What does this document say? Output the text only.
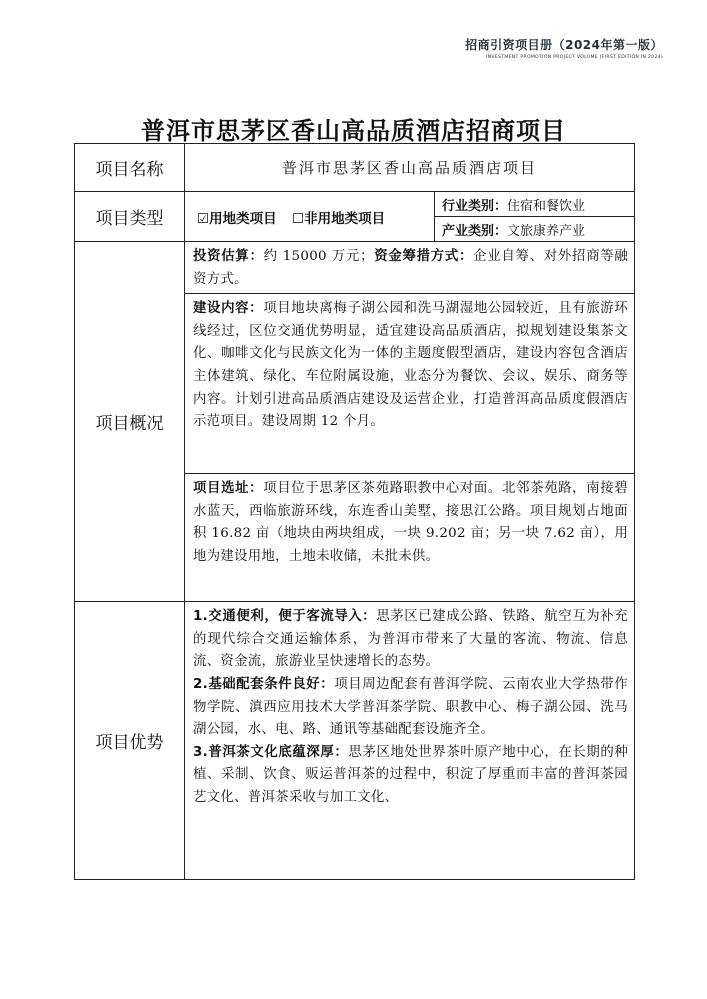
招商引资项目册（2024年第一版）
INVESTMENT PROMOTION PROJECT VOLUME (FIRST EDITION IN 2024)
普洱市思茅区香山高品质酒店招商项目
项目名称	普洱市思茅区香山高品质酒店项目	
项目类型	☑用地类项目 ☐非用地类项目	行业类别：住宿和餐饮业
		产业类别：文旅康养产业
项目概况	投资估算：约 15000 万元；资金筹措方式：企业自筹、对外招商等融资方式。	

	建设内容：项目地块离梅子湖公园和洗马湖湿地公园较近，且有旅游环线经过，区位交通优势明显，适宜建设高品质酒店，拟规划建设集茶文化、咖啡文化与民族文化为一体的主题度假型酒店，建设内容包含酒店主体建筑、绿化、车位附属设施，业态分为餐饮、会议、娱乐、商务等内容。计划引进高品质酒店建设及运营企业，打造普洱高品质度假酒店示范项目。建设周期 12 个月。	

	项目选址：项目位于思茅区茶苑路职教中心对面。北邻茶苑路，南接碧水蓝天，西临旅游环线，东连香山美墅，接思江公路。项目规划占地面积 16.82 亩（地块由两块组成，一块 9.202 亩；另一块 7.62 亩），用地为建设用地，土地未收储，未批未供。	

项目优势	1.交通便利，便于客流导入：思茅区已建成公路、铁路、航空互为补充的现代综合交通运输体系，为普洱市带来了大量的客流、物流、信息流、资金流，旅游业呈快速增长的态势。

2.基础配套条件良好：项目周边配套有普洱学院、云南农业大学热带作物学院、滇西应用技术大学普洱茶学院、职教中心、梅子湖公园、洗马湖公园，水、电、路、通讯等基础配套设施齐全。

3.普洱茶文化底蕴深厚：思茅区地处世界茶叶原产地中心，在长期的种植、采制、饮食、贩运普洱茶的过程中，积淀了厚重而丰富的普洱茶园艺文化、普洱茶采收与加工文化、	
